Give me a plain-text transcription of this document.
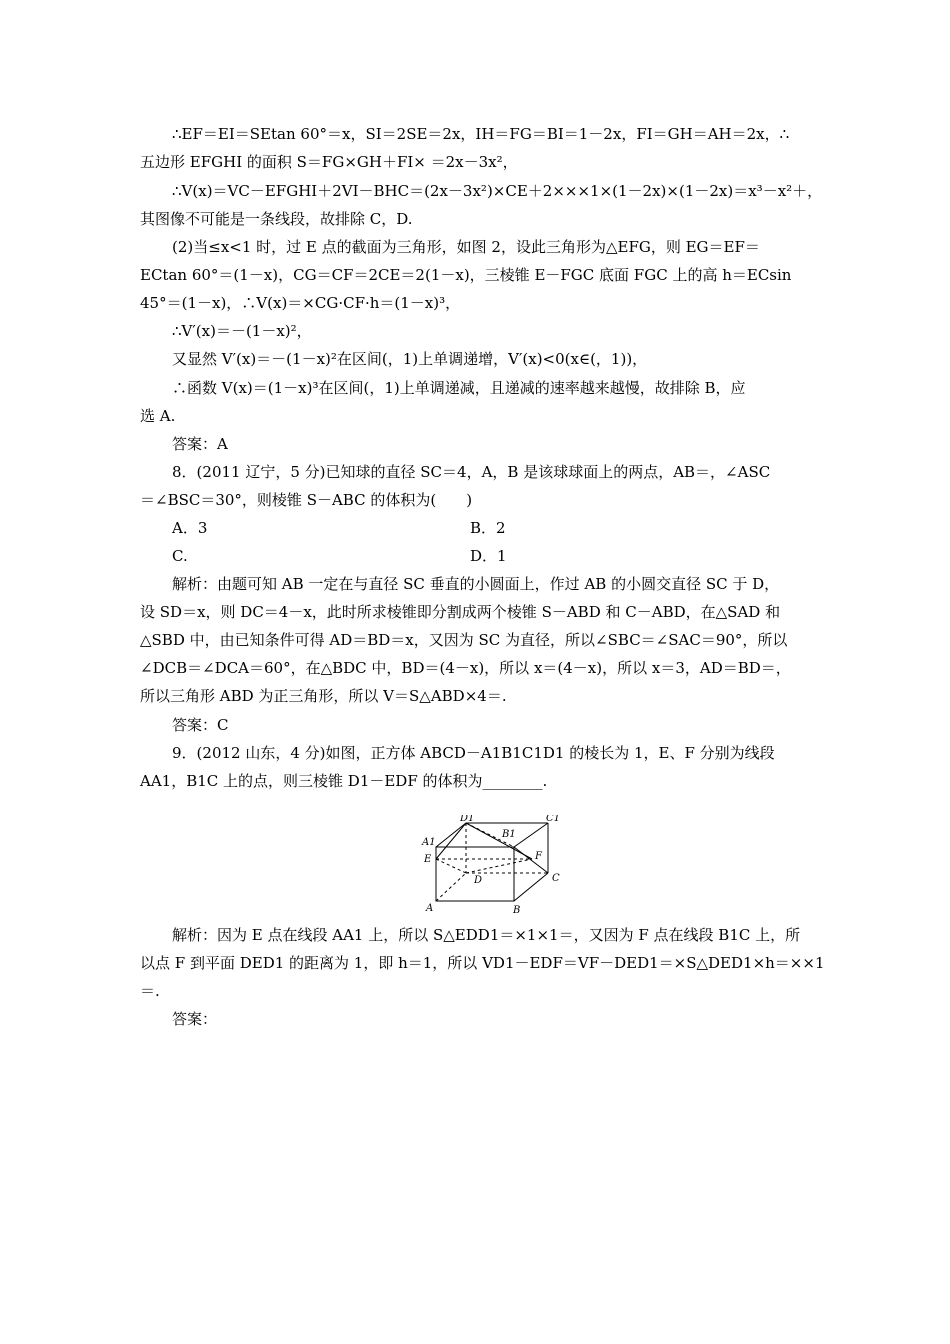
∴EF＝EI＝SEtan 60°＝x，SI＝2SE＝2x，IH＝FG＝BI＝1－2x，FI＝GH＝AH＝2x，∴
五边形 EFGHI 的面积 S＝FG×GH＋FI× ＝2x－3x²，
∴V(x)＝VC－EFGHI＋2VI－BHC＝(2x－3x²)×CE＋2×××1×(1－2x)×(1－2x)＝x³－x²＋，
其图像不可能是一条线段，故排除 C，D.
(2)当≤x<1 时，过 E 点的截面为三角形，如图 2，设此三角形为△EFG，则 EG＝EF＝
ECtan 60°＝(1－x)，CG＝CF＝2CE＝2(1－x)，三棱锥 E－FGC 底面 FGC 上的高 h＝ECsin
45°＝(1－x)，∴V(x)＝×CG·CF·h＝(1－x)³，
∴V′(x)＝－(1－x)²，
又显然 V′(x)＝－(1－x)²在区间(，1)上单调递增，V′(x)<0(x∈(，1))，
∴函数 V(x)＝(1－x)³在区间(，1)上单调递减，且递减的速率越来越慢，故排除 B，应
选 A.
答案：A
8．(2011 辽宁，5 分)已知球的直径 SC＝4，A，B 是该球球面上的两点，AB＝，∠ASC
＝∠BSC＝30°，则棱锥 S－ABC 的体积为(　　)
A．3	B．2
C.	D．1
解析：由题可知 AB 一定在与直径 SC 垂直的小圆面上，作过 AB 的小圆交直径 SC 于 D，
设 SD＝x，则 DC＝4－x，此时所求棱锥即分割成两个棱锥 S－ABD 和 C－ABD，在△SAD 和
△SBD 中，由已知条件可得 AD＝BD＝x，又因为 SC 为直径，所以∠SBC＝∠SAC＝90°，所以
∠DCB＝∠DCA＝60°，在△BDC 中，BD＝(4－x)，所以 x＝(4－x)，所以 x＝3，AD＝BD＝，
所以三角形 ABD 为正三角形，所以 V＝S△ABD×4＝.
答案：C
9．(2012 山东，4 分)如图，正方体 ABCD－A1B1C1D1 的棱长为 1，E、F 分别为线段
AA1，B1C 上的点，则三棱锥 D1－EDF 的体积为________.
D1	C1
A1
B1
E	F
D	C
A	B
解析：因为 E 点在线段 AA1 上，所以 S△EDD1＝×1×1＝，又因为 F 点在线段 B1C 上，所
以点 F 到平面 DED1 的距离为 1，即 h＝1，所以 VD1－EDF＝VF－DED1＝×S△DED1×h＝××1
＝.
答案：
